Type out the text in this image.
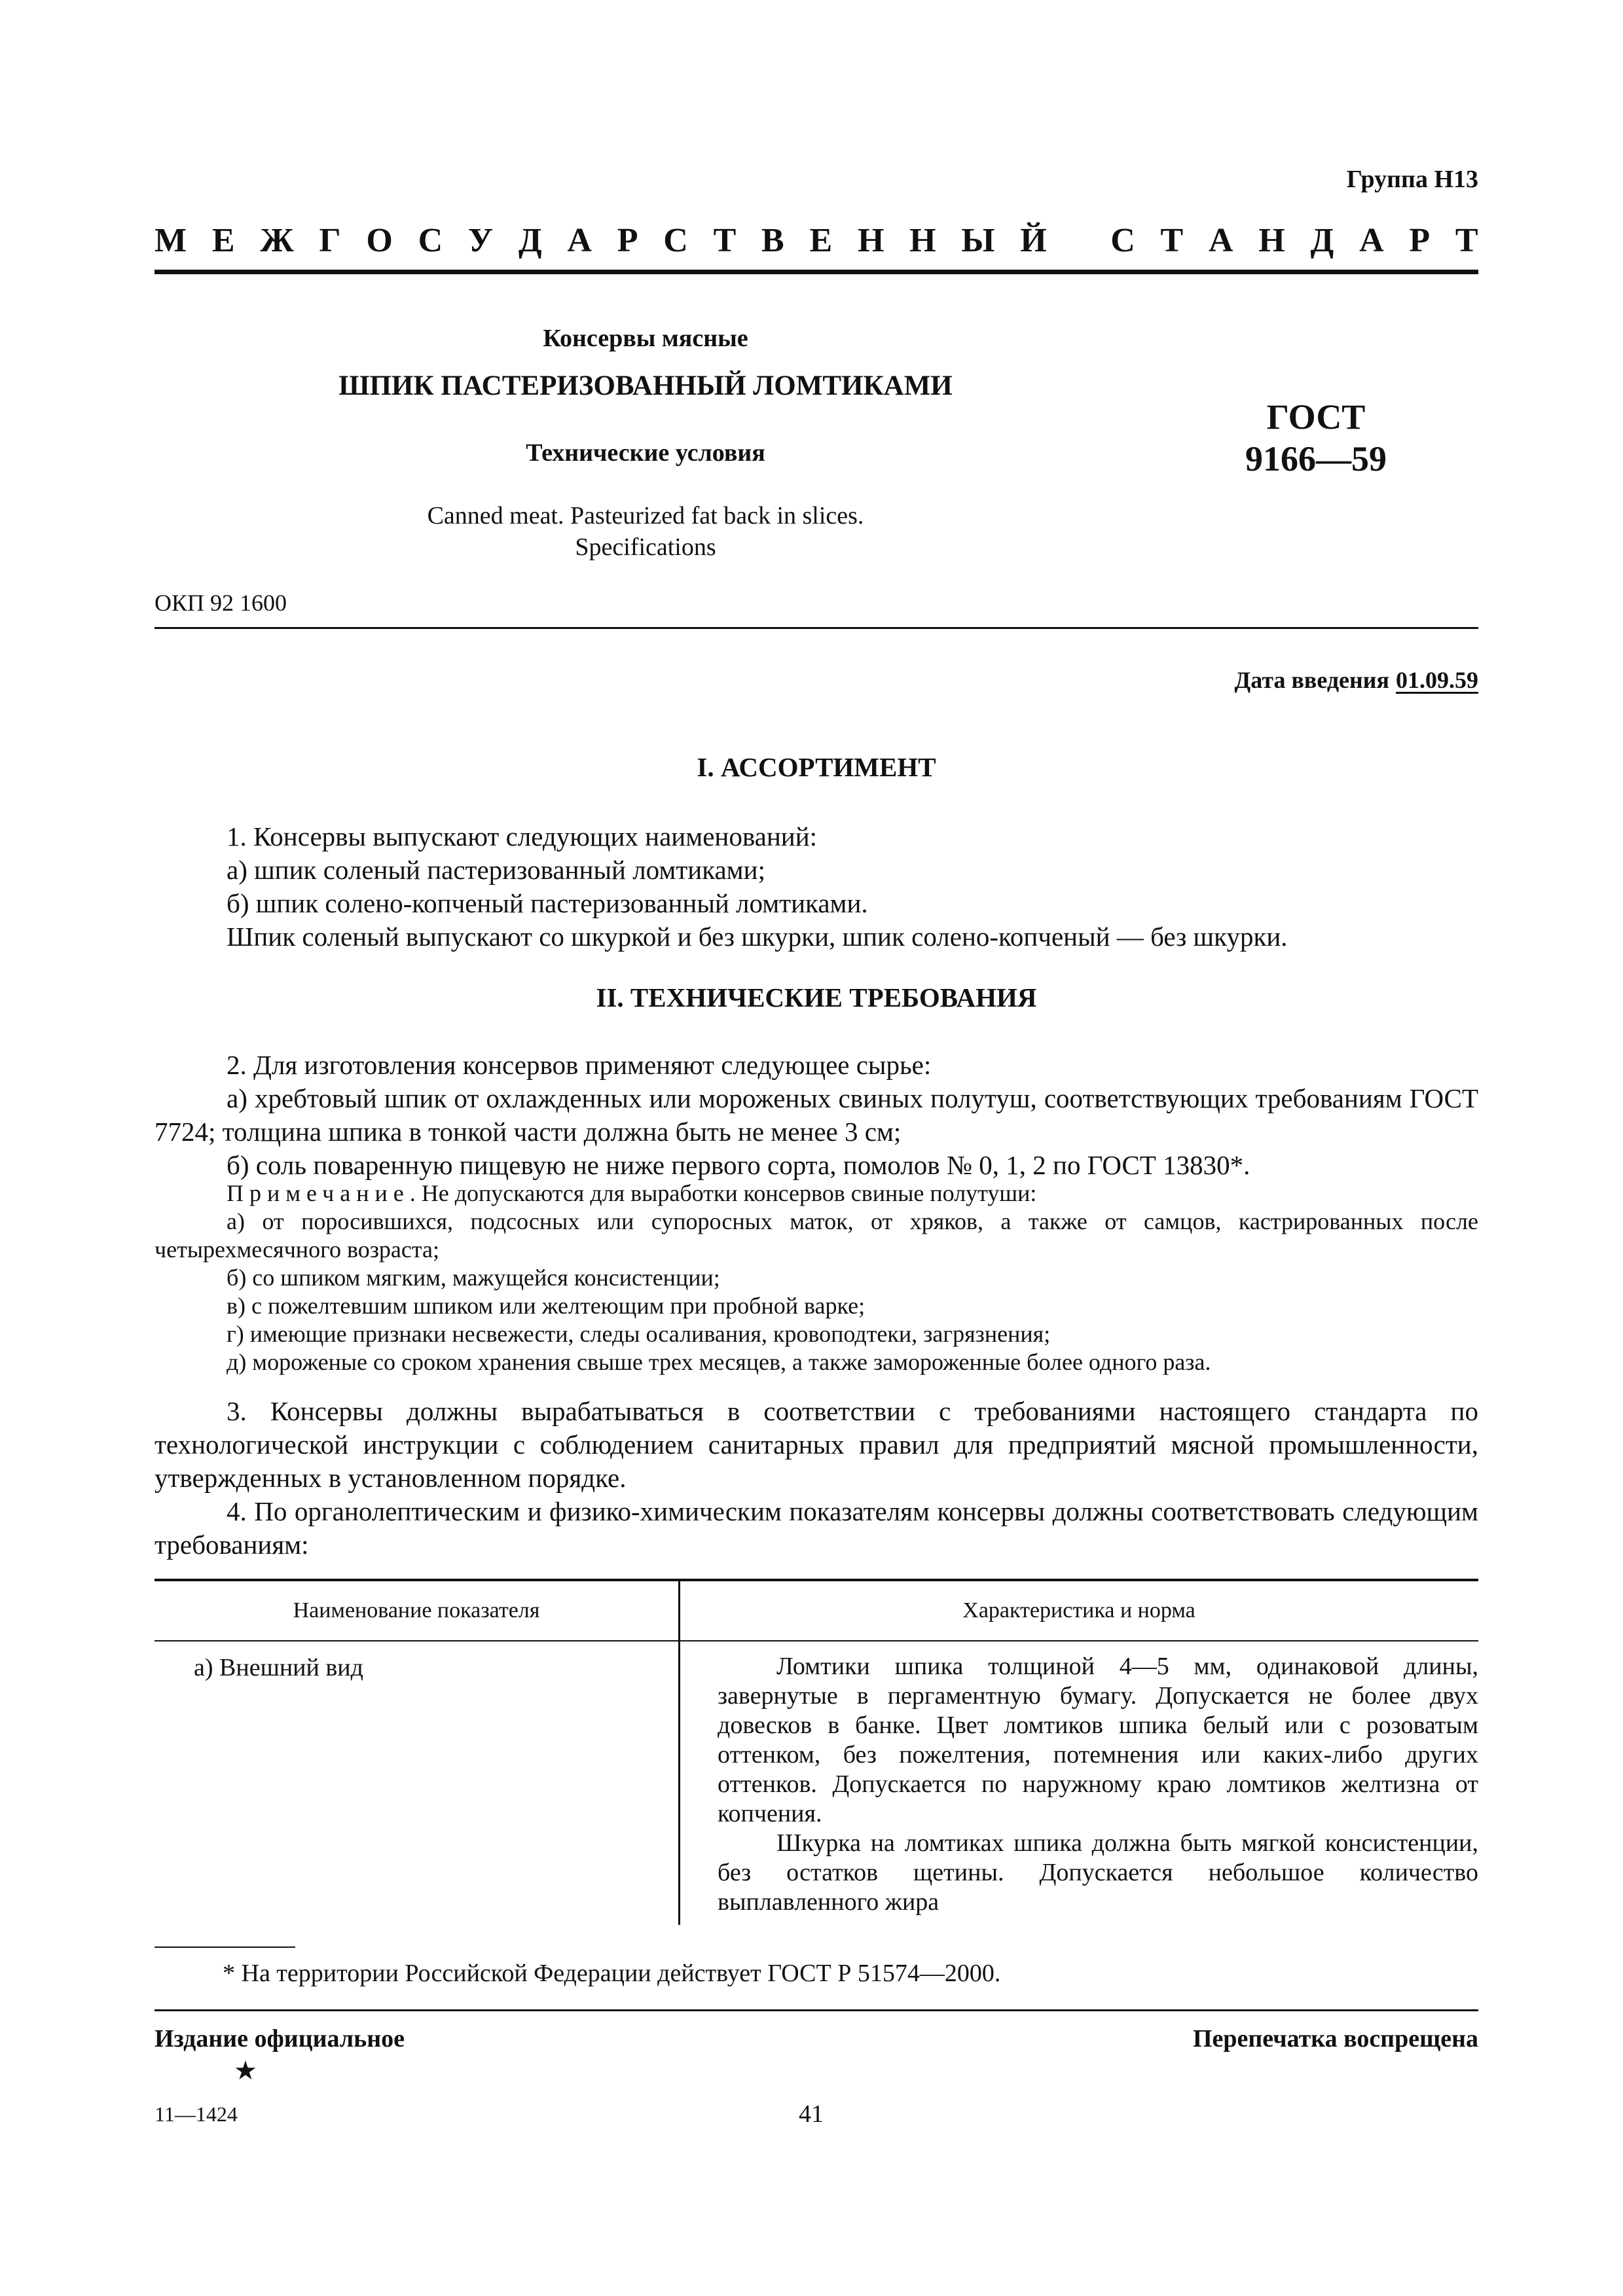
Группа Н13
М Е Ж Г О С У Д А Р С Т В Е Н Н Ы Й С Т А Н Д А Р Т
Консервы мясные
ШПИК ПАСТЕРИЗОВАННЫЙ ЛОМТИКАМИ
Технические условия
Canned meat. Pasteurized fat back in slices.
Specifications
ГОСТ
9166—59
ОКП 92 1600
Дата введения 01.09.59
I. АССОРТИМЕНТ

1. Консервы выпускают следующих наименований:

а) шпик соленый пастеризованный ломтиками;

б) шпик солено-копченый пастеризованный ломтиками.

Шпик соленый выпускают со шкуркой и без шкурки, шпик солено-копченый — без шкурки.

II. ТЕХНИЧЕСКИЕ ТРЕБОВАНИЯ

2. Для изготовления консервов применяют следующее сырье:

а) хребтовый шпик от охлажденных или мороженых свиных полутуш, соответствующих требованиям ГОСТ 7724; толщина шпика в тонкой части должна быть не менее 3 см;

б) соль поваренную пищевую не ниже первого сорта, помолов № 0, 1, 2 по ГОСТ 13830*.

Примечание. Не допускаются для выработки консервов свиные полутуши:

а) от поросившихся, подсосных или супоросных маток, от хряков, а также от самцов, кастрированных после четырехмесячного возраста;

б) со шпиком мягким, мажущейся консистенции;

в) с пожелтевшим шпиком или желтеющим при пробной варке;

г) имеющие признаки несвежести, следы осаливания, кровоподтеки, загрязнения;

д) мороженые со сроком хранения свыше трех месяцев, а также замороженные более одного раза.

3. Консервы должны вырабатываться в соответствии с требованиями настоящего стандарта по технологической инструкции с соблюдением санитарных правил для предприятий мясной промышленности, утвержденных в установленном порядке.

4. По органолептическим и физико-химическим показателям консервы должны соответствовать следующим требованиям:

Наименование показателя	Характеристика и норма
а) Внешний вид	Ломтики шпика толщиной 4—5 мм, одинаковой длины, завернутые в пергаментную бумагу. Допускается не более двух довесков в банке. Цвет ломтиков шпика белый или с розоватым оттенком, без пожелтения, потемнения или каких-либо других оттенков. Допускается по наружному краю ломтиков желтизна от копчения.

Шкурка на ломтиках шпика должна быть мягкой консистенции, без остатков щетины. Допускается небольшое количество выплавленного жира

* На территории Российской Федерации действует ГОСТ Р 51574—2000.
Издание официальное	Перепечатка воспрещена
★
11—1424	41
